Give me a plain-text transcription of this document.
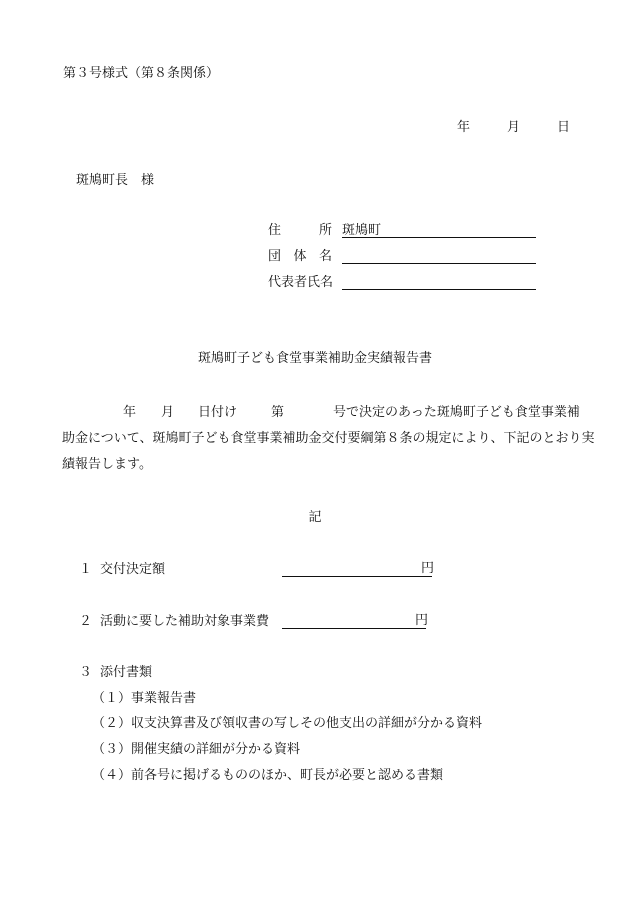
第３号様式（第８条関係）
年	月	日
斑鳩町長　様
住	所 斑鳩町
団 体 名
代表者氏名
斑鳩町子ども食堂事業補助金実績報告書
年 月 日付け	第	号で決定のあった斑鳩町子ども食堂事業補
助金について、斑鳩町子ども食堂事業補助金交付要綱第８条の規定により、下記のとおり実
績報告します。
記
１ 交付決定額	円
２ 活動に要した補助対象事業費	円
３ 添付書類
（１）事業報告書
（２）収支決算書及び領収書の写しその他支出の詳細が分かる資料
（３）開催実績の詳細が分かる資料
（４）前各号に掲げるもののほか、町長が必要と認める書類
